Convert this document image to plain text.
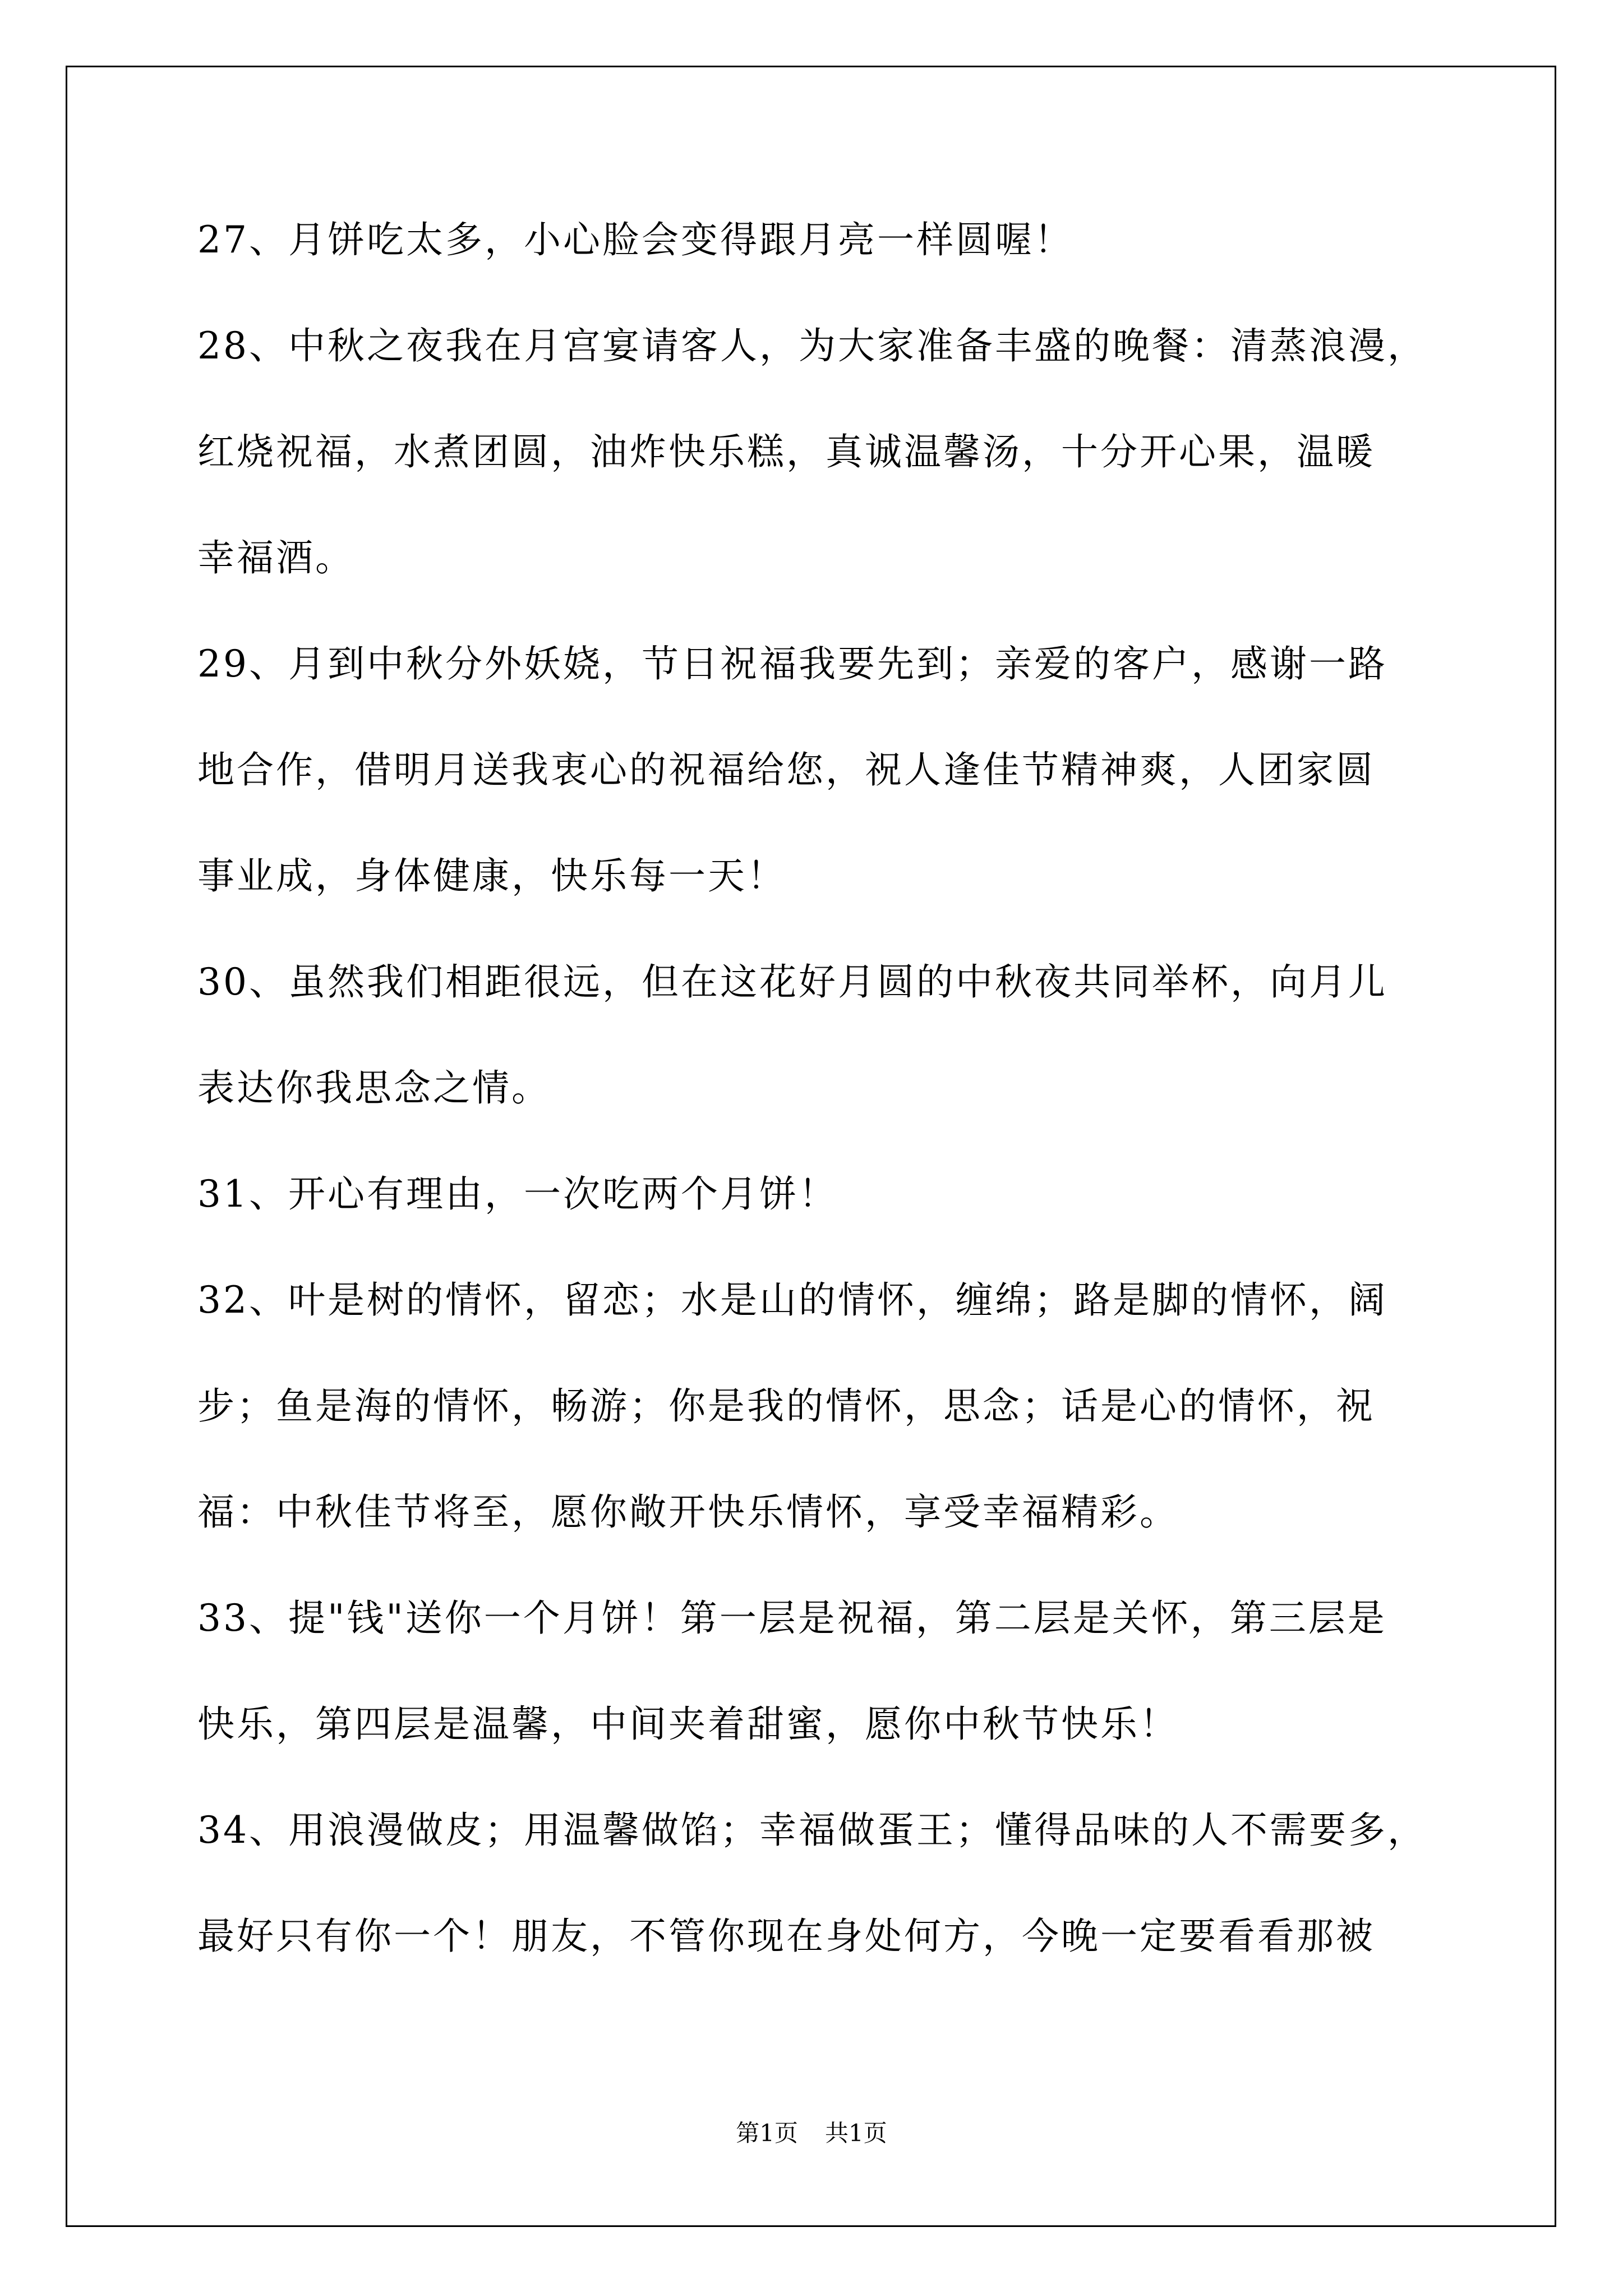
27、月饼吃太多，小心脸会变得跟月亮一样圆喔！
28、中秋之夜我在月宫宴请客人，为大家准备丰盛的晚餐：清蒸浪漫，
红烧祝福，水煮团圆，油炸快乐糕，真诚温馨汤，十分开心果，温暖
幸福酒。
29、月到中秋分外妖娆，节日祝福我要先到；亲爱的客户，感谢一路
地合作，借明月送我衷心的祝福给您，祝人逢佳节精神爽，人团家圆
事业成，身体健康，快乐每一天！
30、虽然我们相距很远，但在这花好月圆的中秋夜共同举杯，向月儿
表达你我思念之情。
31、开心有理由，一次吃两个月饼！
32、叶是树的情怀，留恋；水是山的情怀，缠绵；路是脚的情怀，阔
步；鱼是海的情怀，畅游；你是我的情怀，思念；话是心的情怀，祝
福：中秋佳节将至，愿你敞开快乐情怀，享受幸福精彩。
33、提"钱"送你一个月饼！第一层是祝福，第二层是关怀，第三层是
快乐，第四层是温馨，中间夹着甜蜜，愿你中秋节快乐！
34、用浪漫做皮；用温馨做馅；幸福做蛋王；懂得品味的人不需要多，
最好只有你一个！朋友，不管你现在身处何方，今晚一定要看看那被
第1页 共1页
